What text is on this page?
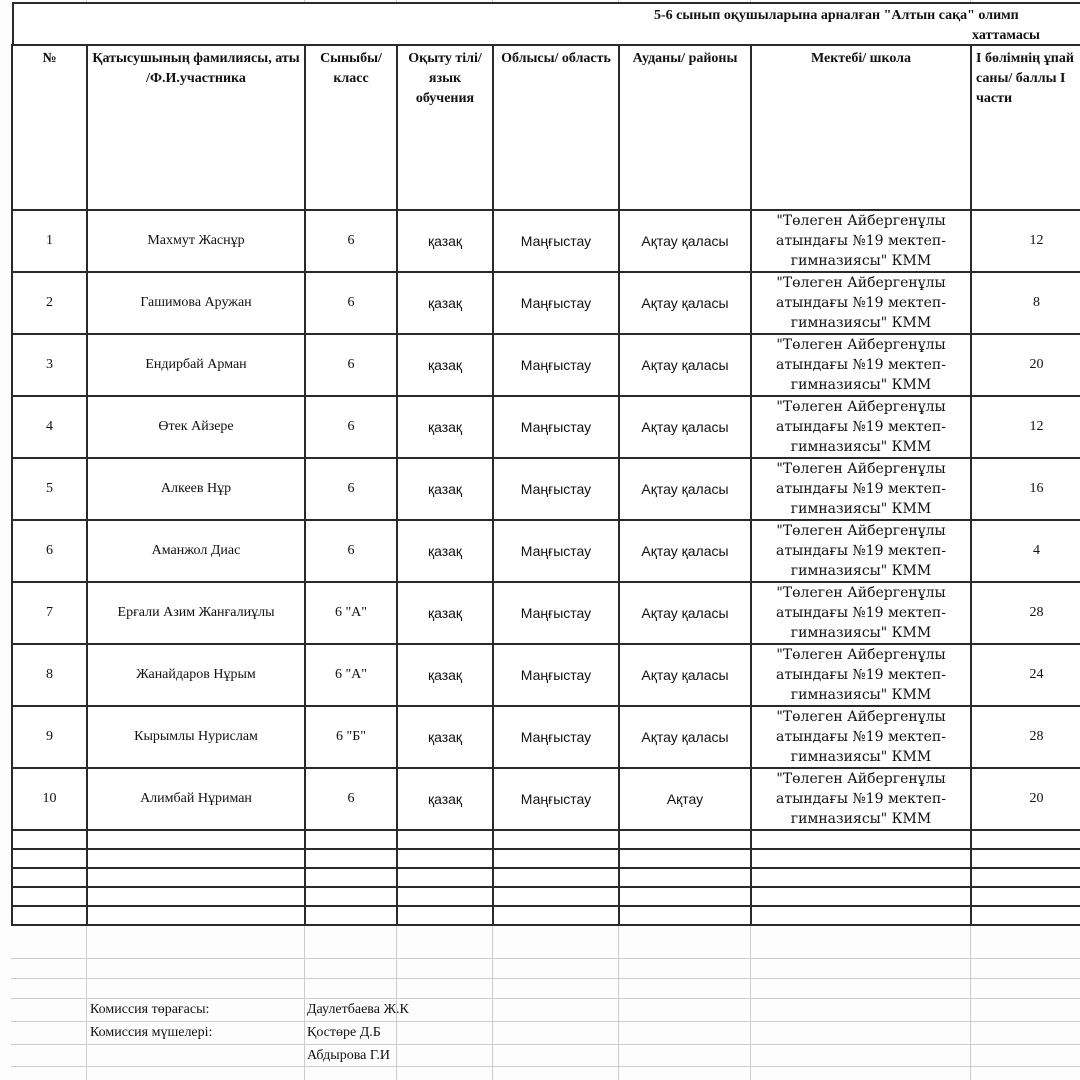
5-6 сынып оқушыларына арналған "Алтын сақа" олимп
хаттамасы
№	Қатысушының фамилиясы, аты /Ф.И.участника	Сыныбы/ класс	Оқыту тілі/ язык обучения	Облысы/ область	Ауданы/ районы	Мектебі/ школа	І бөлімнің ұпай саны/ баллы І части
1	Махмут Жаснұр	6	қазақ	Маңғыстау	Ақтау қаласы	"Төлеген Айбергенұлы атындағы №19 мектеп-гимназиясы" КММ	12
2	Гашимова Аружан	6	қазақ	Маңғыстау	Ақтау қаласы	"Төлеген Айбергенұлы атындағы №19 мектеп-гимназиясы" КММ	8
3	Ендирбай Арман	6	қазақ	Маңғыстау	Ақтау қаласы	"Төлеген Айбергенұлы атындағы №19 мектеп-гимназиясы" КММ	20
4	Өтек Айзере	6	қазақ	Маңғыстау	Ақтау қаласы	"Төлеген Айбергенұлы атындағы №19 мектеп-гимназиясы" КММ	12
5	Алкеев Нұр	6	қазақ	Маңғыстау	Ақтау қаласы	"Төлеген Айбергенұлы атындағы №19 мектеп-гимназиясы" КММ	16
6	Аманжол Диас	6	қазақ	Маңғыстау	Ақтау қаласы	"Төлеген Айбергенұлы атындағы №19 мектеп-гимназиясы" КММ	4
7	Ерғали Азим Жанғалиұлы	6 "А"	қазақ	Маңғыстау	Ақтау қаласы	"Төлеген Айбергенұлы атындағы №19 мектеп-гимназиясы" КММ	28
8	Жанайдаров Нұрым	6 "А"	қазақ	Маңғыстау	Ақтау қаласы	"Төлеген Айбергенұлы атындағы №19 мектеп-гимназиясы" КММ	24
9	Кырымлы Нурислам	6 "Б"	қазақ	Маңғыстау	Ақтау қаласы	"Төлеген Айбергенұлы атындағы №19 мектеп-гимназиясы" КММ	28
10	Алимбай Нұриман	6	қазақ	Маңғыстау	Ақтау	"Төлеген Айбергенұлы атындағы №19 мектеп-гимназиясы" КММ	20

Комиссия төрағасы:	Даулетбаева Ж.К
Комиссия мүшелері:	Қостөре Д.Б
Абдырова Г.И
